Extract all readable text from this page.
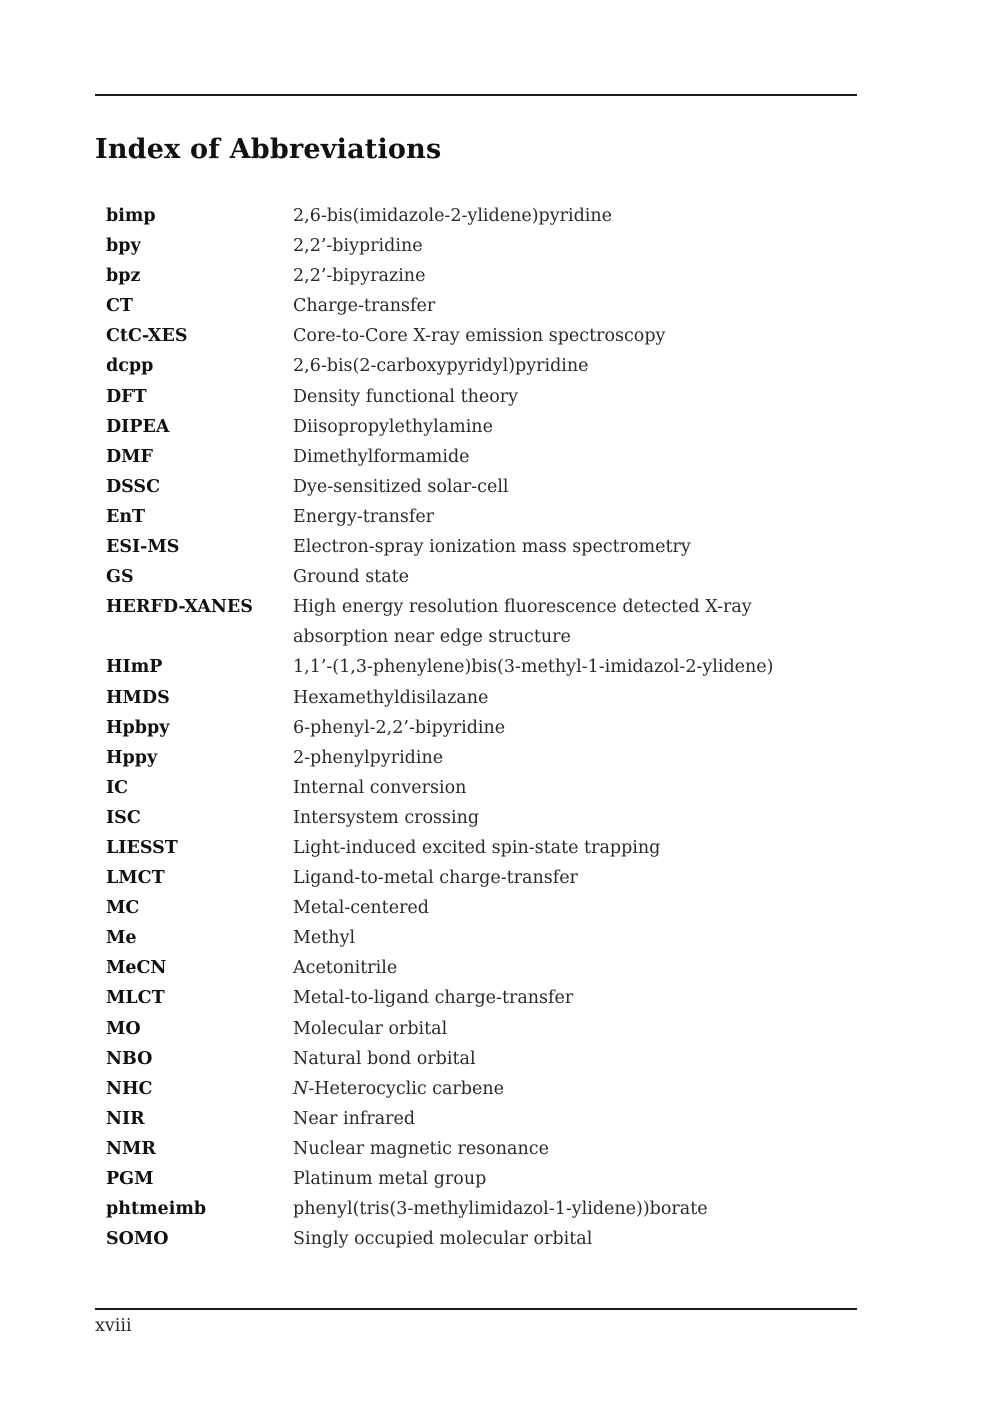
Index of Abbreviations
bimp	2,6-bis(imidazole-2-ylidene)pyridine
bpy	2,2’-biypridine
bpz	2,2’-bipyrazine
CT	Charge-transfer
CtC-XES	Core-to-Core X-ray emission spectroscopy
dcpp	2,6-bis(2-carboxypyridyl)pyridine
DFT	Density functional theory
DIPEA	Diisopropylethylamine
DMF	Dimethylformamide
DSSC	Dye-sensitized solar-cell
EnT	Energy-transfer
ESI-MS	Electron-spray ionization mass spectrometry
GS	Ground state
HERFD-XANES	High energy resolution fluorescence detected X-ray absorption near edge structure
HImP	1,1’-(1,3-phenylene)bis(3-methyl-1-imidazol-2-ylidene)
HMDS	Hexamethyldisilazane
Hpbpy	6-phenyl-2,2’-bipyridine
Hppy	2-phenylpyridine
IC	Internal conversion
ISC	Intersystem crossing
LIESST	Light-induced excited spin-state trapping
LMCT	Ligand-to-metal charge-transfer
MC	Metal-centered
Me	Methyl
MeCN	Acetonitrile
MLCT	Metal-to-ligand charge-transfer
MO	Molecular orbital
NBO	Natural bond orbital
NHC	N-Heterocyclic carbene
NIR	Near infrared
NMR	Nuclear magnetic resonance
PGM	Platinum metal group
phtmeimb	phenyl(tris(3-methylimidazol-1-ylidene))borate
SOMO	Singly occupied molecular orbital
xviii
